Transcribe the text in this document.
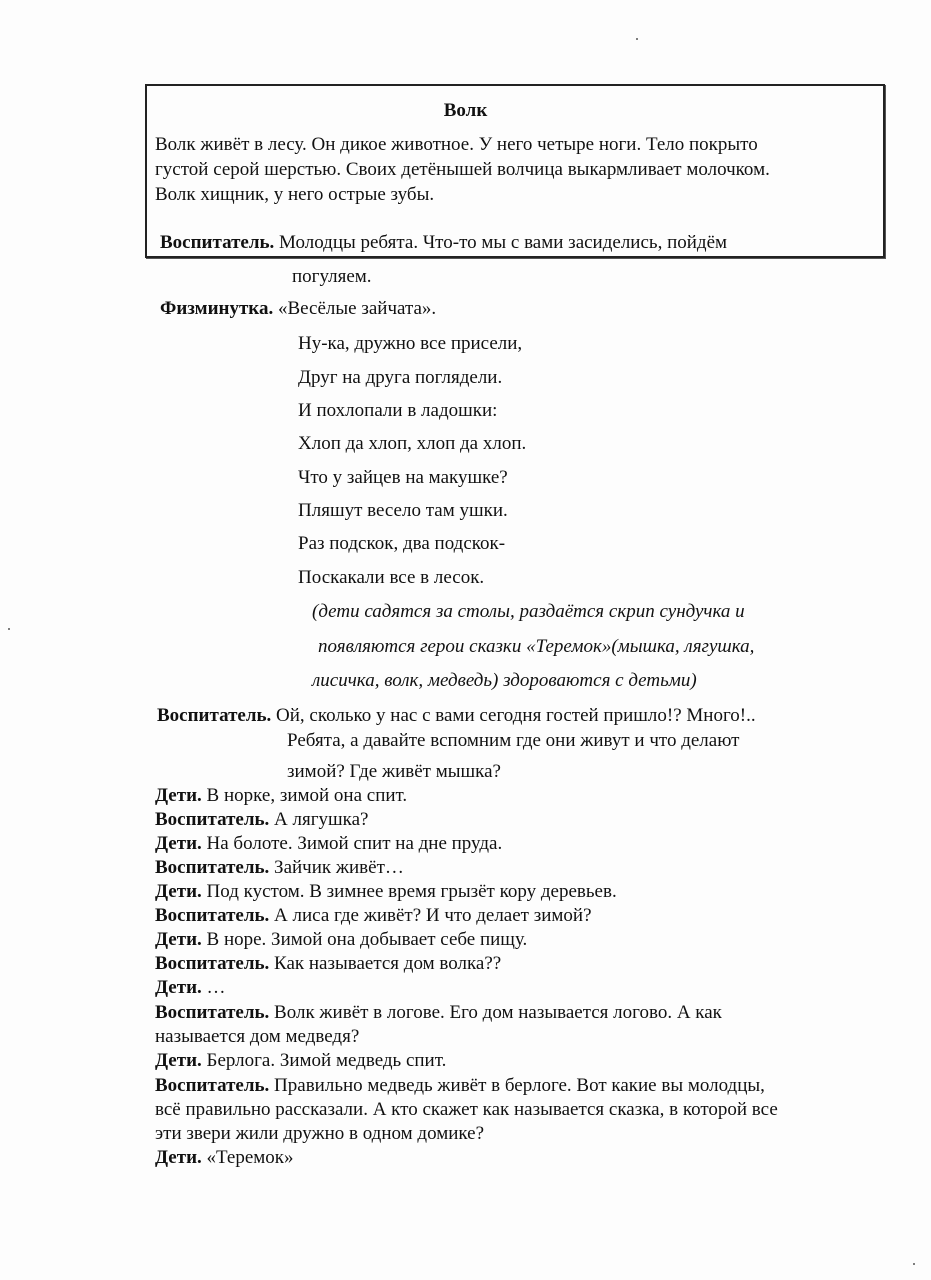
Волк
Волк живёт в лесу. Он дикое животное. У него четыре ноги. Тело покрыто
густой серой шерстью. Своих детёнышей волчица выкармливает молочком.
Волк хищник, у него острые зубы.
Воспитатель. Молодцы ребята. Что-то мы с вами засиделись, пойдём
погуляем.
Физминутка. «Весёлые зайчата».
Ну-ка, дружно все присели,
Друг на друга поглядели.
И похлопали в ладошки:
Хлоп да хлоп, хлоп да хлоп.
Что у зайцев на макушке?
Пляшут весело там ушки.
Раз подскок, два подскок-
Поскакали все в лесок.
(дети садятся за столы, раздаётся скрип сундучка и
появляются герои сказки «Теремок»(мышка, лягушка,
лисичка, волк, медведь) здороваются с детьми)
Воспитатель. Ой, сколько у нас с вами сегодня гостей пришло!? Много!..
Ребята, а давайте вспомним где они живут и что делают
зимой? Где живёт мышка?
Дети. В норке, зимой она спит.
Воспитатель. А лягушка?
Дети. На болоте. Зимой спит на дне пруда.
Воспитатель. Зайчик живёт…
Дети. Под кустом. В зимнее время грызёт кору деревьев.
Воспитатель. А лиса где живёт? И что делает зимой?
Дети. В норе. Зимой она добывает себе пищу.
Воспитатель. Как называется дом волка??
Дети. …
Воспитатель. Волк живёт в логове. Его дом называется логово. А как
называется дом медведя?
Дети. Берлога. Зимой медведь спит.
Воспитатель. Правильно медведь живёт в берлоге. Вот какие вы молодцы,
всё правильно рассказали. А кто скажет как называется сказка, в которой все
эти звери жили дружно в одном домике?
Дети. «Теремок»
